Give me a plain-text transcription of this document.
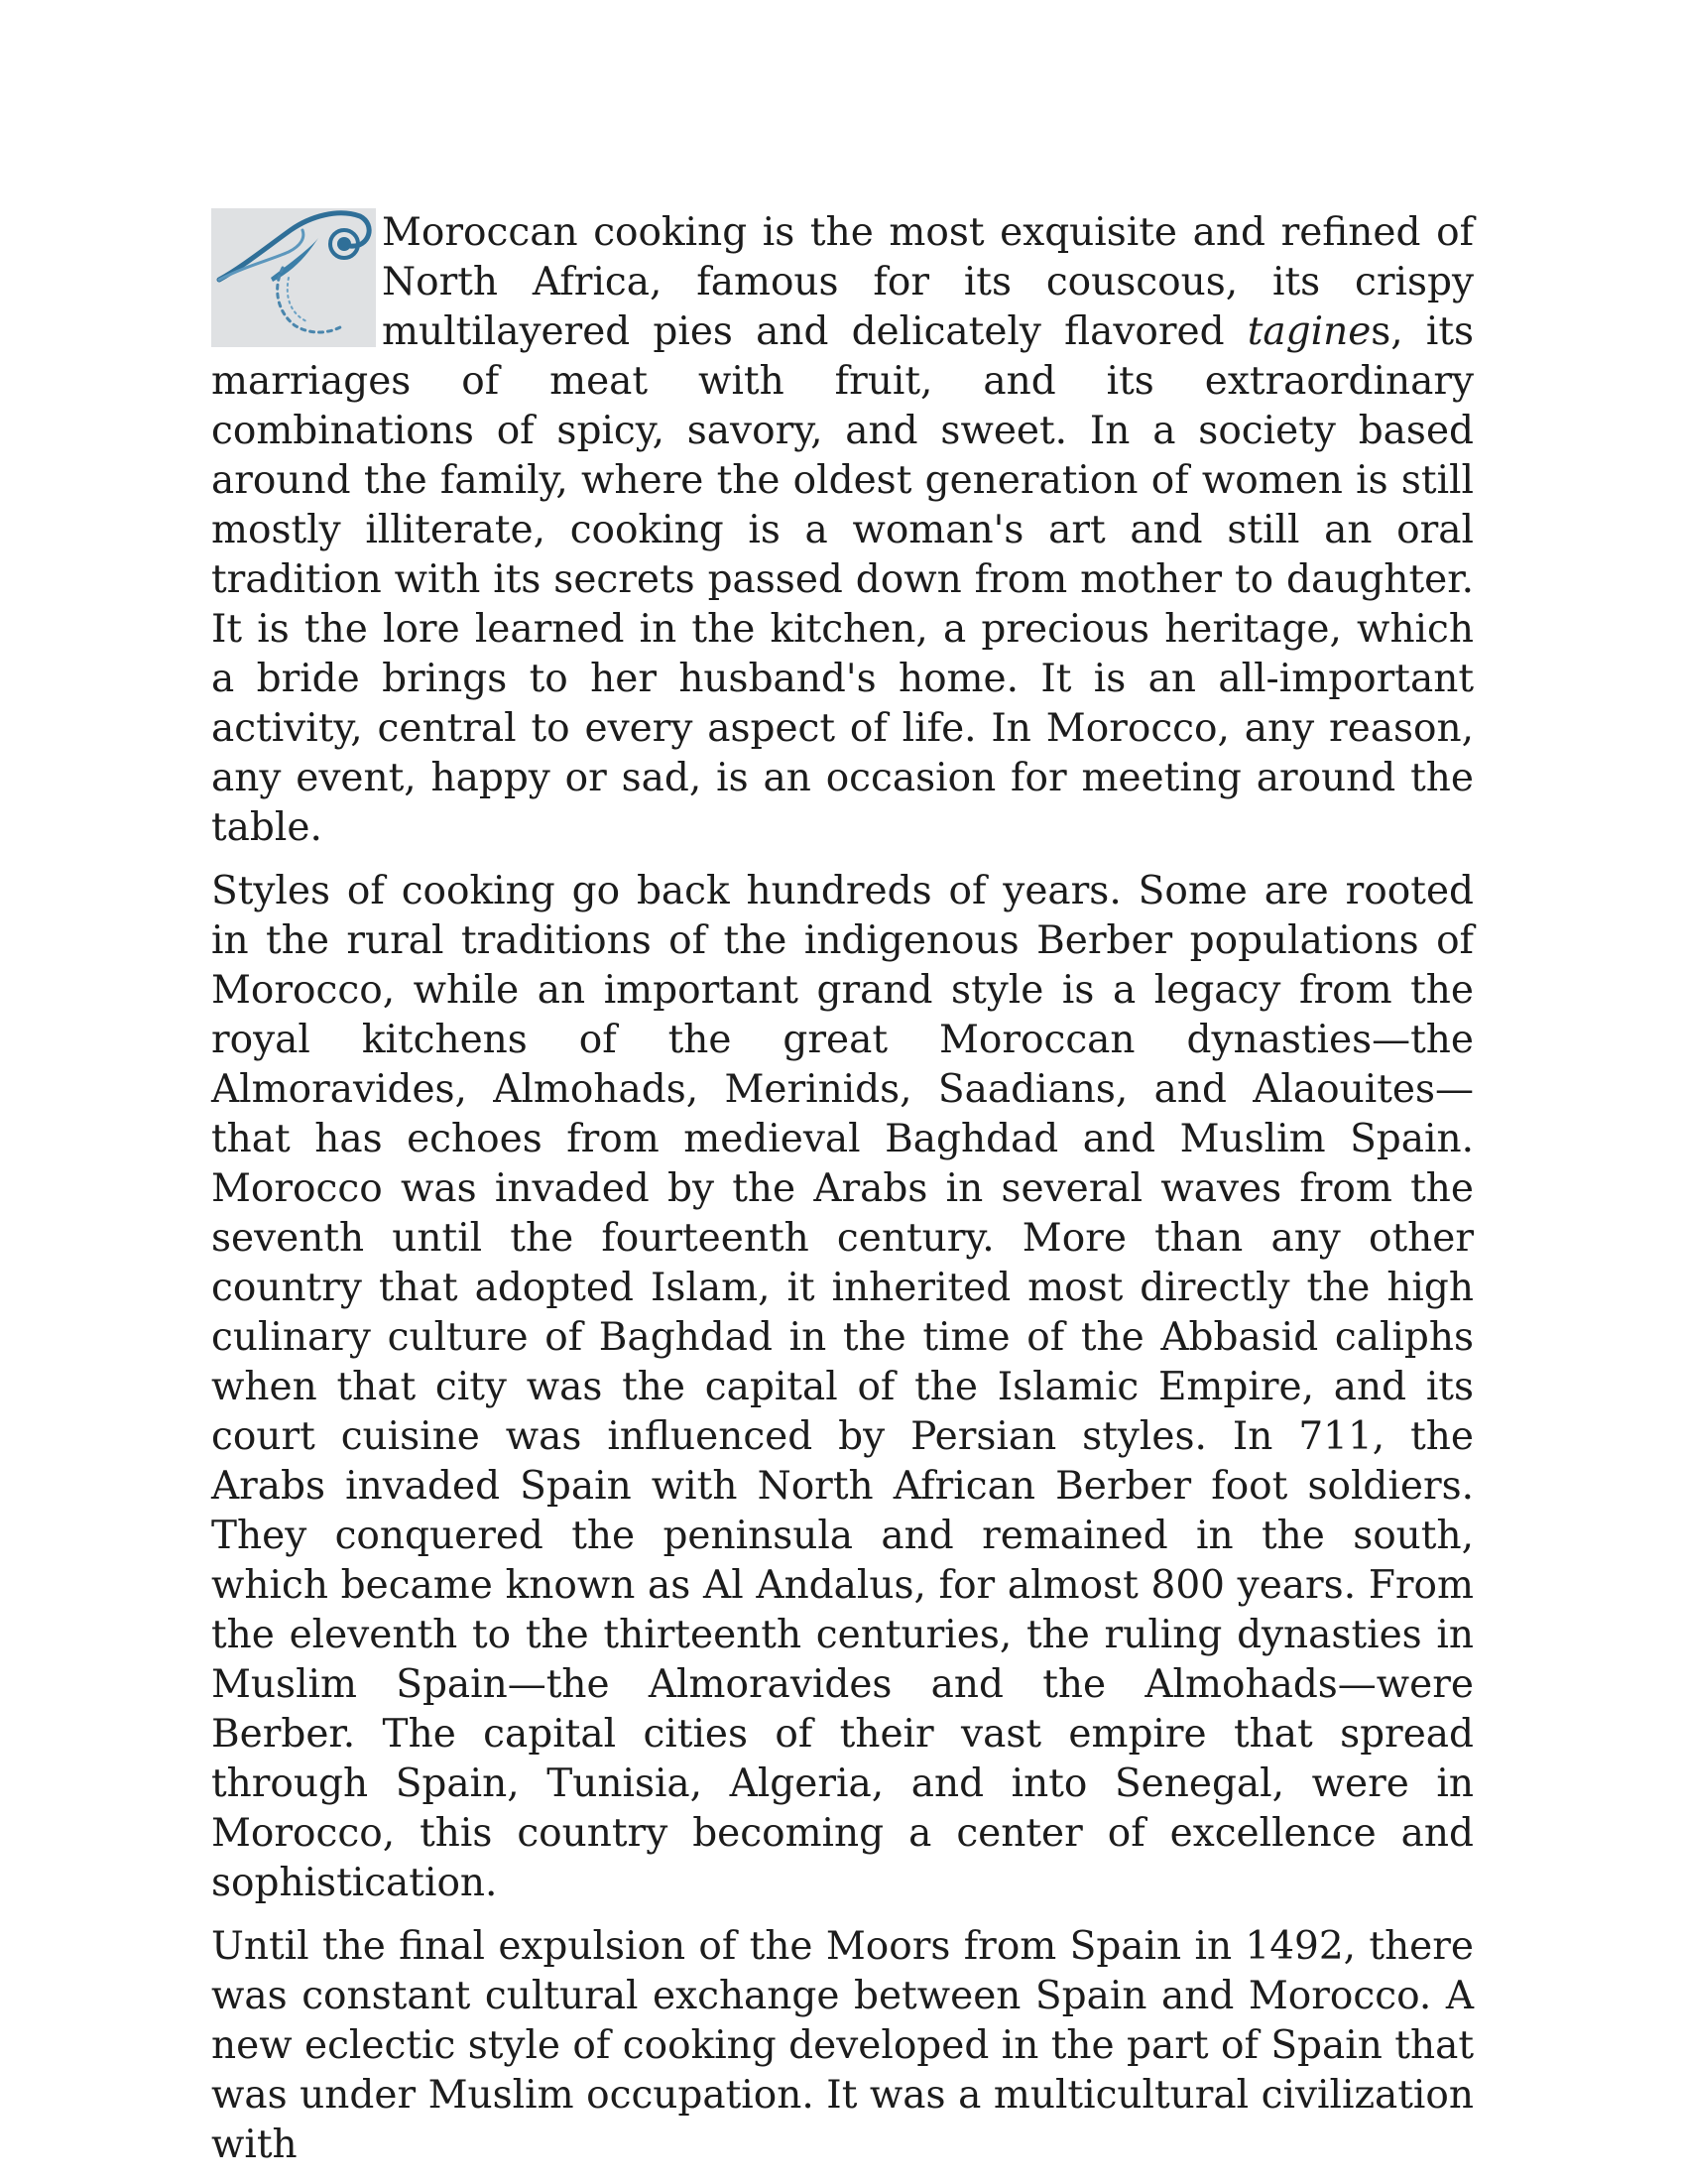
Moroccan cooking is the most exquisite and refined of North Africa, famous for its couscous, its crispy multilayered pies and delicately flavored tagines, its marriages of meat with fruit, and its extraordinary combinations of spicy, savory, and sweet. In a society based around the family, where the oldest generation of women is still mostly illiterate, cooking is a woman's art and still an oral tradition with its secrets passed down from mother to daughter. It is the lore learned in the kitchen, a precious heritage, which a bride brings to her husband's home. It is an all-important activity, central to every aspect of life. In Morocco, any reason, any event, happy or sad, is an occasion for meeting around the table.

Styles of cooking go back hundreds of years. Some are rooted in the rural traditions of the indigenous Berber populations of Morocco, while an important grand style is a legacy from the royal kitchens of the great Moroccan dynasties—the Almoravides, Almohads, Merinids, Saadians, and Alaouites—that has echoes from medieval Baghdad and Muslim Spain. Morocco was invaded by the Arabs in several waves from the seventh until the fourteenth century. More than any other country that adopted Islam, it inherited most directly the high culinary culture of Baghdad in the time of the Abbasid caliphs when that city was the capital of the Islamic Empire, and its court cuisine was influenced by Persian styles. In 711, the Arabs invaded Spain with North African Berber foot soldiers. They conquered the peninsula and remained in the south, which became known as Al Andalus, for almost 800 years. From the eleventh to the thirteenth centuries, the ruling dynasties in Muslim Spain—the Almoravides and the Almohads—were Berber. The capital cities of their vast empire that spread through Spain, Tunisia, Algeria, and into Senegal, were in Morocco, this country becoming a center of excellence and sophistication.

Until the final expulsion of the Moors from Spain in 1492, there was constant cultural exchange between Spain and Morocco. A new eclectic style of cooking developed in the part of Spain that was under Muslim occupation. It was a multicultural civilization with
